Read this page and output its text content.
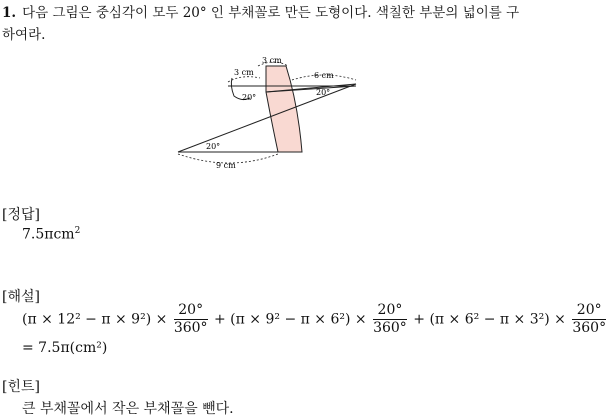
1. 다음 그림은 중심각이 모두 20° 인 부채꼴로 만든 도형이다. 색칠한 부분의 넓이를 구하여라.
3 cm
3 cm	6 cm
9 cm
20°
20°
20°
[정답]
7.5πcm$^2$
[해설]
$(\pi \times 12^2 - \pi \times 9^2) \times \frac{20^\circ}{360^\circ} + (\pi \times 9^2 - \pi \times 6^2) \times \frac{20^\circ}{360^\circ} + (\pi \times 6^2 - \pi \times 3^2) \times \frac{20^\circ}{360^\circ}$
= 7.5π(cm²)
[힌트]
큰 부채꼴에서 작은 부채꼴을 뺀다.
